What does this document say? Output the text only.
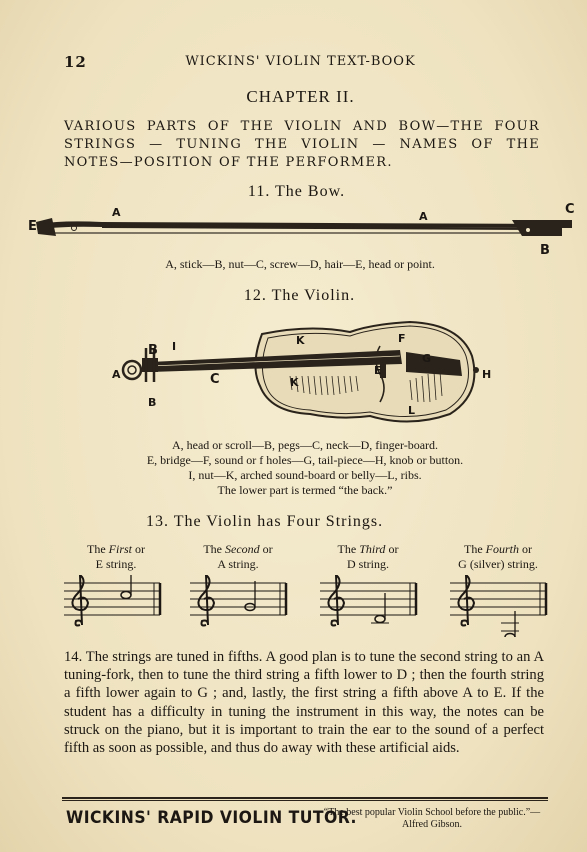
12	WICKINS' VIOLIN TEXT-BOOK
CHAPTER II.
VARIOUS PARTS OF THE VIOLIN AND BOW—THE FOUR STRINGS — TUNING THE VIOLIN — NAMES OF THE NOTES—POSITION OF THE PERFORMER.
11. The Bow.
E
A	A	C
B
A, stick—B, nut—C, screw—D, hair—E, head or point.
12. The Violin.
A
B I
B
C
K
K
F
E
G
H
L
A, head or scroll—B, pegs—C, neck—D, finger-board.
E, bridge—F, sound or f holes—G, tail-piece—H, knob or button.
I, nut—K, arched sound-board or belly—L, ribs.
The lower part is termed “the back.”
13. The Violin has Four Strings.
The First or
E string.
The Second or
A string.
The Third or
D string.
The Fourth or
G (silver) string.
14. The strings are tuned in fifths. A good plan is to tune the second string to an A tuning-fork, then to tune the third string a fifth lower to D ; then the fourth string a fifth lower again to G ; and, lastly, the first string a fifth above A to E. If the student has a difficulty in tuning the instrument in this way, the notes can be struck on the piano, but it is important to train the ear to the sound of a perfect fifth as soon as possible, and thus do away with these artificial aids.
WICKINS' RAPID VIOLIN TUTOR.
“The best popular Violin School before the public.”—Alfred Gibson.
